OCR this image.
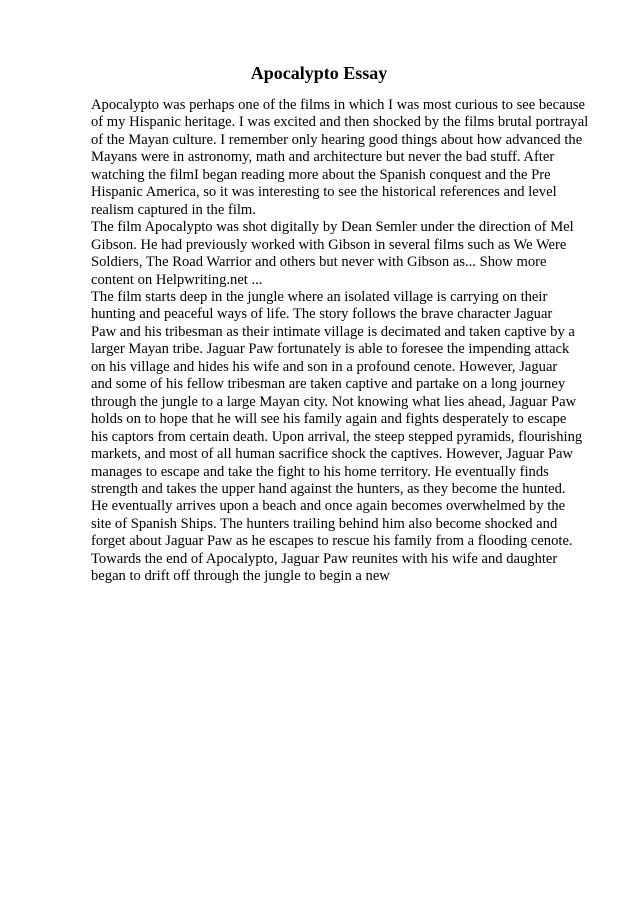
Apocalypto Essay
Apocalypto was perhaps one of the films in which I was most curious to see because
of my Hispanic heritage. I was excited and then shocked by the films brutal portrayal
of the Mayan culture. I remember only hearing good things about how advanced the
Mayans were in astronomy, math and architecture but never the bad stuff. After
watching the filmI began reading more about the Spanish conquest and the Pre
Hispanic America, so it was interesting to see the historical references and level
realism captured in the film.
The film Apocalypto was shot digitally by Dean Semler under the direction of Mel
Gibson. He had previously worked with Gibson in several films such as We Were
Soldiers, The Road Warrior and others but never with Gibson as... Show more
content on Helpwriting.net ...
The film starts deep in the jungle where an isolated village is carrying on their
hunting and peaceful ways of life. The story follows the brave character Jaguar
Paw and his tribesman as their intimate village is decimated and taken captive by a
larger Mayan tribe. Jaguar Paw fortunately is able to foresee the impending attack
on his village and hides his wife and son in a profound cenote. However, Jaguar
and some of his fellow tribesman are taken captive and partake on a long journey
through the jungle to a large Mayan city. Not knowing what lies ahead, Jaguar Paw
holds on to hope that he will see his family again and fights desperately to escape
his captors from certain death. Upon arrival, the steep stepped pyramids, flourishing
markets, and most of all human sacrifice shock the captives. However, Jaguar Paw
manages to escape and take the fight to his home territory. He eventually finds
strength and takes the upper hand against the hunters, as they become the hunted.
He eventually arrives upon a beach and once again becomes overwhelmed by the
site of Spanish Ships. The hunters trailing behind him also become shocked and
forget about Jaguar Paw as he escapes to rescue his family from a flooding cenote.
Towards the end of Apocalypto, Jaguar Paw reunites with his wife and daughter
began to drift off through the jungle to begin a new
